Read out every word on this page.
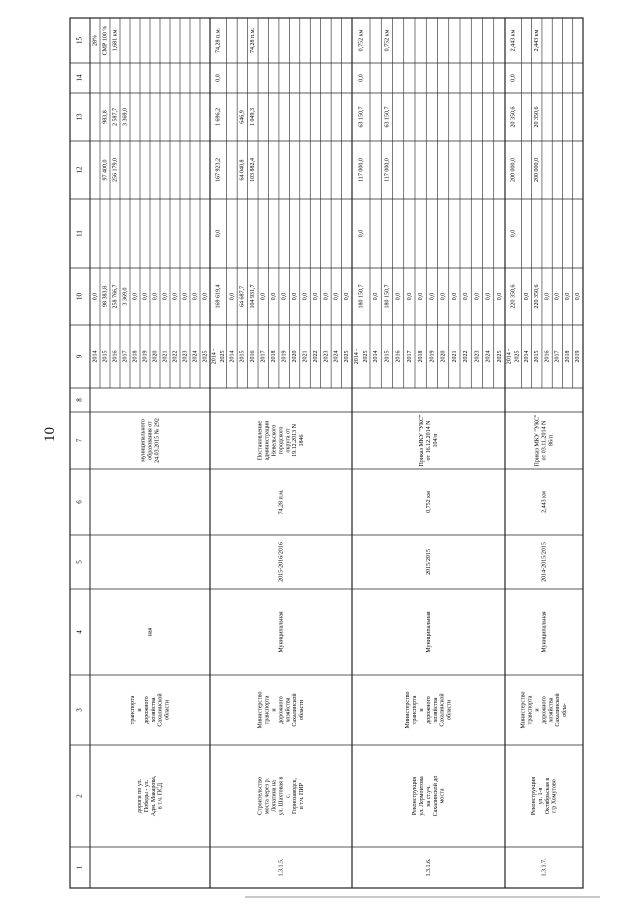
10
1
2
3
4
5
6
7
8
9
10
11
12
13
14
15
2014
0,0
28%
2015
98 383,8
97 400,0
983,8
СМР 100 %
2016
258 766,7
256 179,0
2 587,7
1,681 км
2017
3 369,0
3 369,0
2018
0,0
2019
0,0
2020
0,0
2021
0,0
2022
0,0
2023
0,0
2024
0,0
2025
0,0
дороги по ул. Победы - ул. Адм. Макарова, в т.ч. ПСД
транспорта и дорожного хозяйства Сахалинской области
ная
муниципального образования от 24.03.2015 № 292
2014 - 2025
169 619,4
0,0
167 923,2
1 696,2
0,0
74,28 п.м.
2014
0,0
2015
64 687,7
64 040,8
646,9
2016
104 931,7
103 882,4
1 049,3
74,28 п.м.
2017
0,0
2018
0,0
2019
0,0
2020
0,0
2021
0,0
2022
0,0
2023
0,0
2024
0,0
2025
0,0
1.3.1.5.
Строительство моста через р. Лопатина на ул. Шахтовая в с. Горнозаводск, в т.ч. ПИР
Министерство транспорта и дорожного хозяйства Сахалинской области
Муниципальная
2015-2016/2016
74,28 п.м.
Постановление администрации Невельского городского округа от 19.12.2013 N 1846
2014 - 2025
180 150,7
0,0
117 000,0
63 150,7
0,0
0,752 км
2014
0,0
2015
180 150,7
117 000,0
63 150,7
0,752 км
2016
0,0
2017
0,0
2018
0,0
2019
0,0
2020
0,0
2021
0,0
2022
0,0
2023
0,0
2024
0,0
2025
0,0
1.3.1.6.
Реконструкция ул. Лермонтова на ст.уч. Сахалинской до моста
Министерство транспорта и дорожного хозяйства Сахалинской области
Муниципальная
2015/2015
0,752 км
Приказ МКУ "УКС" от 16.12.2014 N 104/п
2014 - 2025
220 350,6
0,0
200 000,0
20 350,6
0,0
2,443 км
2014
0,0
2015
220 350,6
200 000,0
20 350,6
2,443 км
2016
0,0
2017
0,0
2018
0,0
2019
0,0
1.3.1.7.
Реконструкция ул. 1-я Октябрьская в г/р Хомутово
Министерство транспорта и дорожного хозяйства Сахалинской обла-
Муниципальная
2014-2015/2015
2,443 км
Приказ МКУ "УКС" от 03.11.2014 N 86/п
